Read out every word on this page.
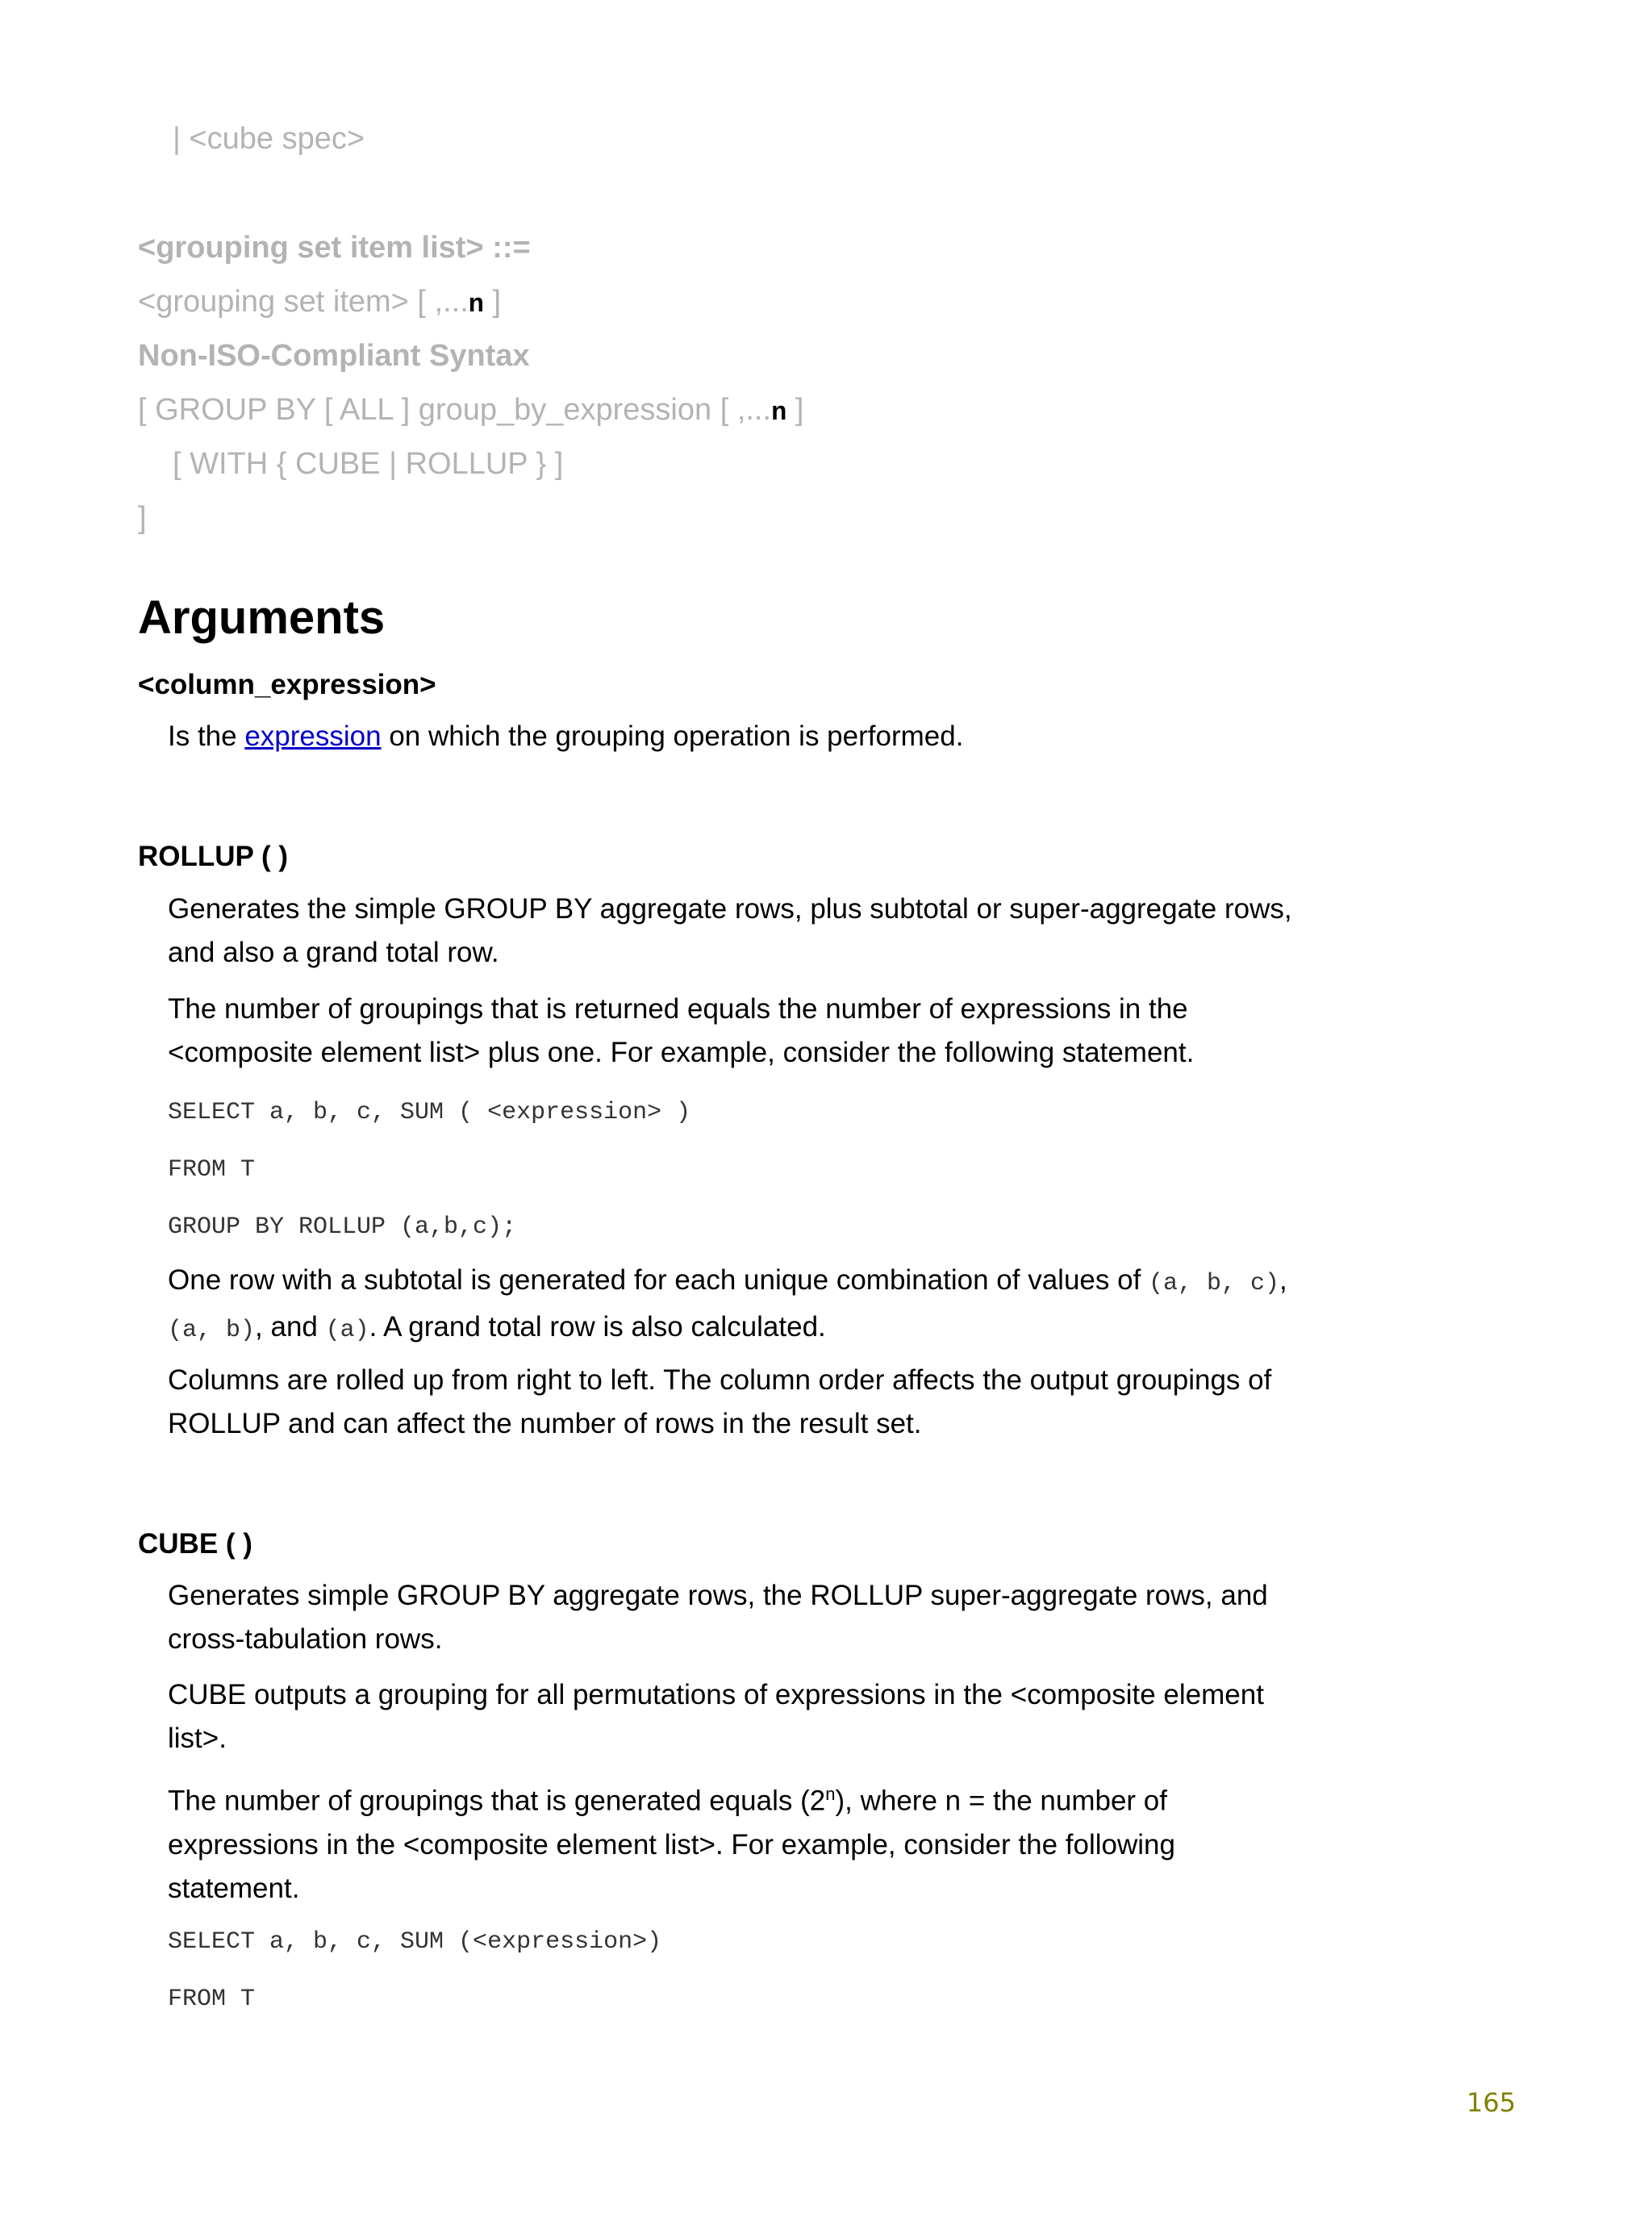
| <cube spec>
<grouping set item list> ::=
<grouping set item> [ ,...n ]
Non-ISO-Compliant Syntax
[ GROUP BY [ ALL ] group_by_expression [ ,...n ]
[ WITH { CUBE | ROLLUP } ]
]
Arguments
<column_expression>
Is the expression on which the grouping operation is performed.
ROLLUP ( )
Generates the simple GROUP BY aggregate rows, plus subtotal or super-aggregate rows, and also a grand total row.
The number of groupings that is returned equals the number of expressions in the <composite element list> plus one. For example, consider the following statement.
SELECT a, b, c, SUM ( <expression> )
FROM T
GROUP BY ROLLUP (a,b,c);
One row with a subtotal is generated for each unique combination of values of (a, b, c), (a, b), and (a). A grand total row is also calculated.
Columns are rolled up from right to left. The column order affects the output groupings of ROLLUP and can affect the number of rows in the result set.
CUBE ( )
Generates simple GROUP BY aggregate rows, the ROLLUP super-aggregate rows, and cross-tabulation rows.
CUBE outputs a grouping for all permutations of expressions in the <composite element list>.
The number of groupings that is generated equals (2$^n$), where n = the number of expressions in the <composite element list>. For example, consider the following statement.
SELECT a, b, c, SUM (<expression>)
FROM T
165
